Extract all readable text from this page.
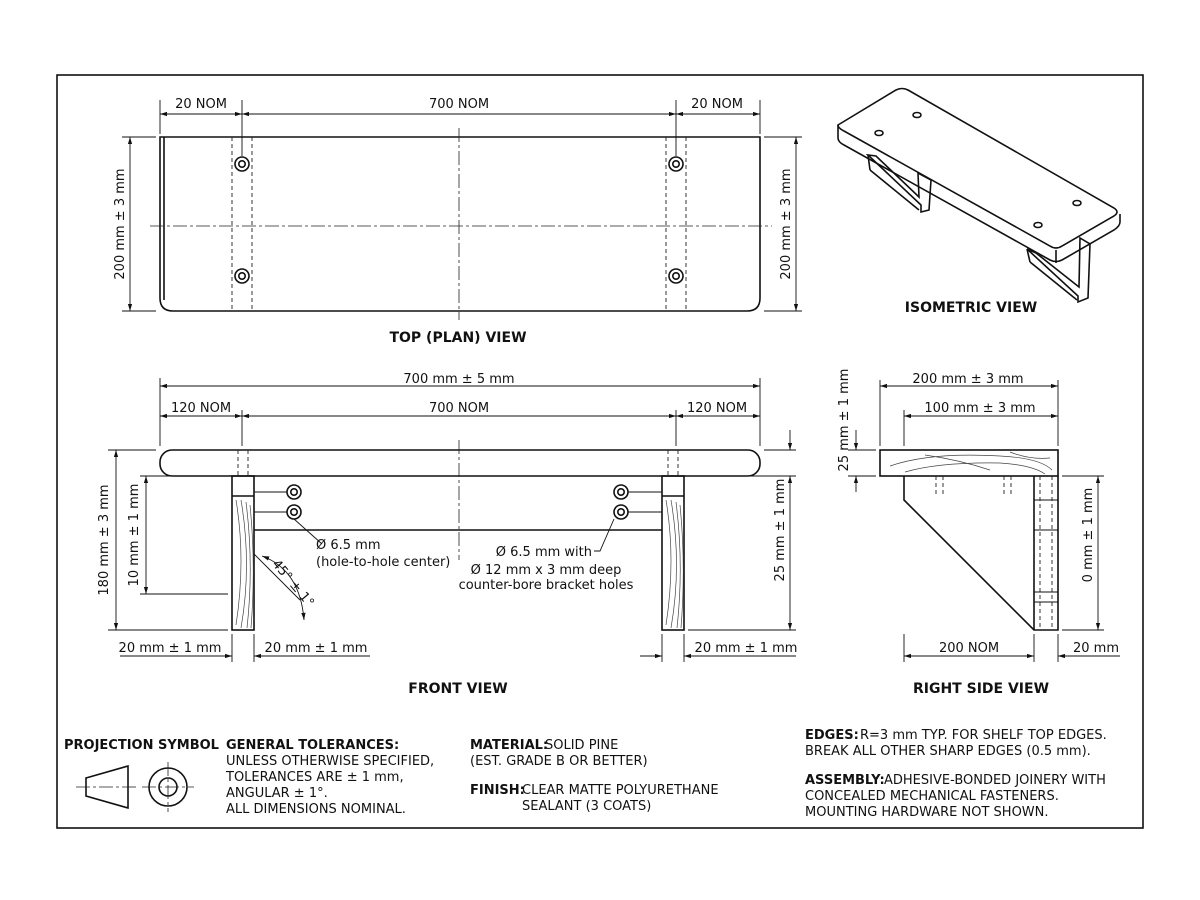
20 NOM	700 NOM	20 NOM
200 mm ± 3 mm	200 mm ± 3 mm
TOP (PLAN) VIEW
ISOMETRIC VIEW
700 mm ± 5 mm
120 NOM	700 NOM	120 NOM
180 mm ± 3 mm 10 mm ± 1 mm	25 mm ± 1 mm
20 mm ± 1 mm	20 mm ± 1 mm	20 mm ± 1 mm
45° ± 1°
Ø 6.5 mm
(hole-to-hole center)
Ø 6.5 mm with
Ø 12 mm x 3 mm deep
counter-bore bracket holes
FRONT VIEW
200 mm ± 3 mm
100 mm ± 3 mm
25 mm ± 1 mm
0 mm ± 1 mm
200 NOM	20 mm
RIGHT SIDE VIEW
PROJECTION SYMBOL GENERAL TOLERANCES:
UNLESS OTHERWISE SPECIFIED,
TOLERANCES ARE ± 1 mm,
ANGULAR ± 1°.
ALL DIMENSIONS NOMINAL.
MATERIAL:
SOLID PINE
(EST. GRADE B OR BETTER)
FINISH:
CLEAR MATTE POLYURETHANE
SEALANT (3 COATS)
EDGES: R=3 mm TYP. FOR SHELF TOP EDGES.
BREAK ALL OTHER SHARP EDGES (0.5 mm).
ASSEMBLY: ADHESIVE-BONDED JOINERY WITH
CONCEALED MECHANICAL FASTENERS.
MOUNTING HARDWARE NOT SHOWN.
